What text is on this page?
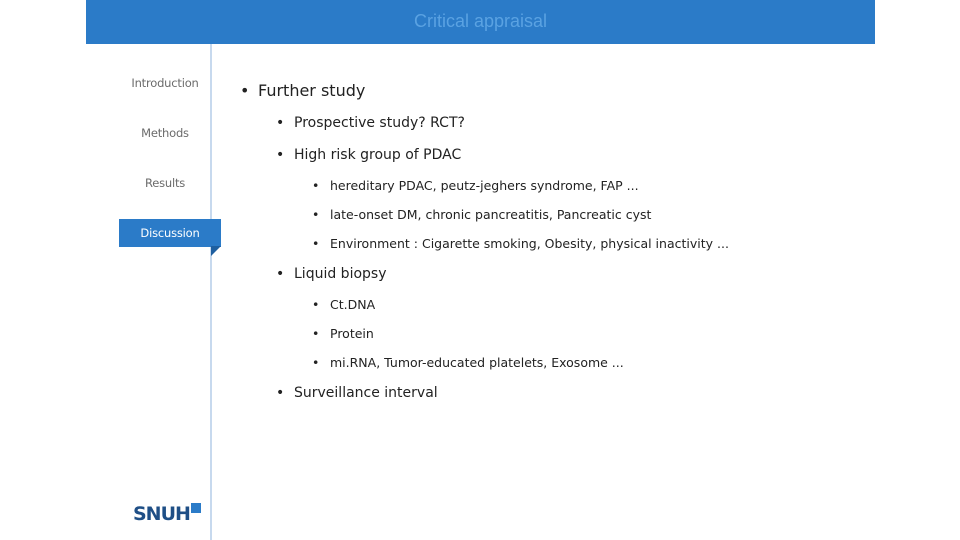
Critical appraisal
Introduction
Methods
Results
Discussion
• Further study
• Prospective study? RCT?
• High risk group of PDAC
• hereditary PDAC, peutz-jeghers syndrome, FAP ...
• late-onset DM, chronic pancreatitis, Pancreatic cyst
• Environment : Cigarette smoking, Obesity, physical inactivity ...
• Liquid biopsy
• Ct.DNA
• Protein
• mi.RNA, Tumor-educated platelets, Exosome ...
• Surveillance interval
SNUH
